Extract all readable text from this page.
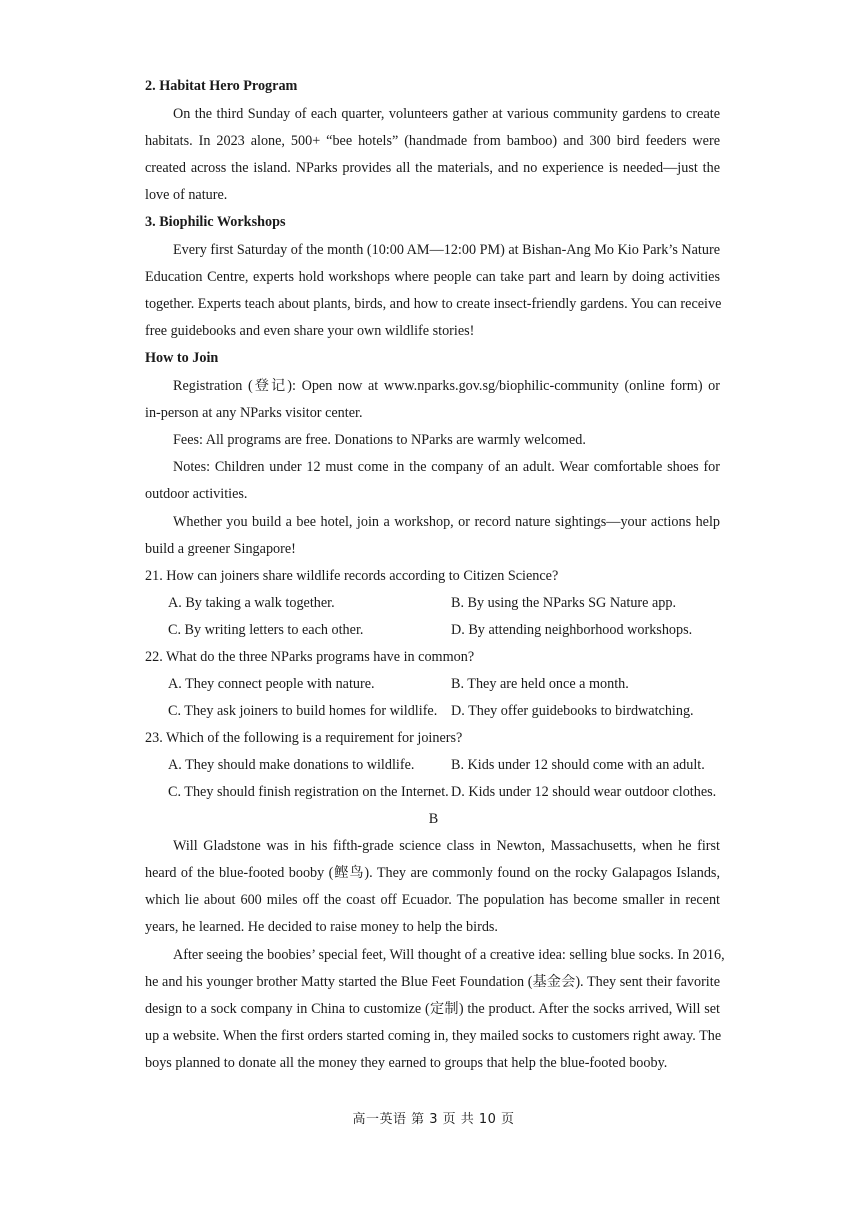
2. Habitat Hero Program
On the third Sunday of each quarter, volunteers gather at various community gardens to create
habitats. In 2023 alone, 500+ “bee hotels” (handmade from bamboo) and 300 bird feeders were
created across the island. NParks provides all the materials, and no experience is needed—just the
love of nature.
3. Biophilic Workshops
Every first Saturday of the month (10:00 AM—12:00 PM) at Bishan-Ang Mo Kio Park’s Nature
Education Centre, experts hold workshops where people can take part and learn by doing activities
together. Experts teach about plants, birds, and how to create insect-friendly gardens. You can receive
free guidebooks and even share your own wildlife stories!
How to Join
Registration (登记): Open now at www.nparks.gov.sg/biophilic-community (online form) or
in-person at any NParks visitor center.
Fees: All programs are free. Donations to NParks are warmly welcomed.
Notes: Children under 12 must come in the company of an adult. Wear comfortable shoes for
outdoor activities.
Whether you build a bee hotel, join a workshop, or record nature sightings—your actions help
build a greener Singapore!
21. How can joiners share wildlife records according to Citizen Science?
A. By taking a walk together.	B. By using the NParks SG Nature app.
C. By writing letters to each other.	D. By attending neighborhood workshops.
22. What do the three NParks programs have in common?
A. They connect people with nature.	B. They are held once a month.
C. They ask joiners to build homes for wildlife. D. They offer guidebooks to birdwatching.
23. Which of the following is a requirement for joiners?
A. They should make donations to wildlife.	B. Kids under 12 should come with an adult.
C. They should finish registration on the Internet. D. Kids under 12 should wear outdoor clothes.
B
Will Gladstone was in his fifth-grade science class in Newton, Massachusetts, when he first
heard of the blue-footed booby (鲣鸟). They are commonly found on the rocky Galapagos Islands,
which lie about 600 miles off the coast off Ecuador. The population has become smaller in recent
years, he learned. He decided to raise money to help the birds.
After seeing the boobies’ special feet, Will thought of a creative idea: selling blue socks. In 2016,
he and his younger brother Matty started the Blue Feet Foundation (基金会). They sent their favorite
design to a sock company in China to customize (定制) the product. After the socks arrived, Will set
up a website. When the first orders started coming in, they mailed socks to customers right away. The
boys planned to donate all the money they earned to groups that help the blue-footed booby.
高一英语 第 3 页 共 10 页
